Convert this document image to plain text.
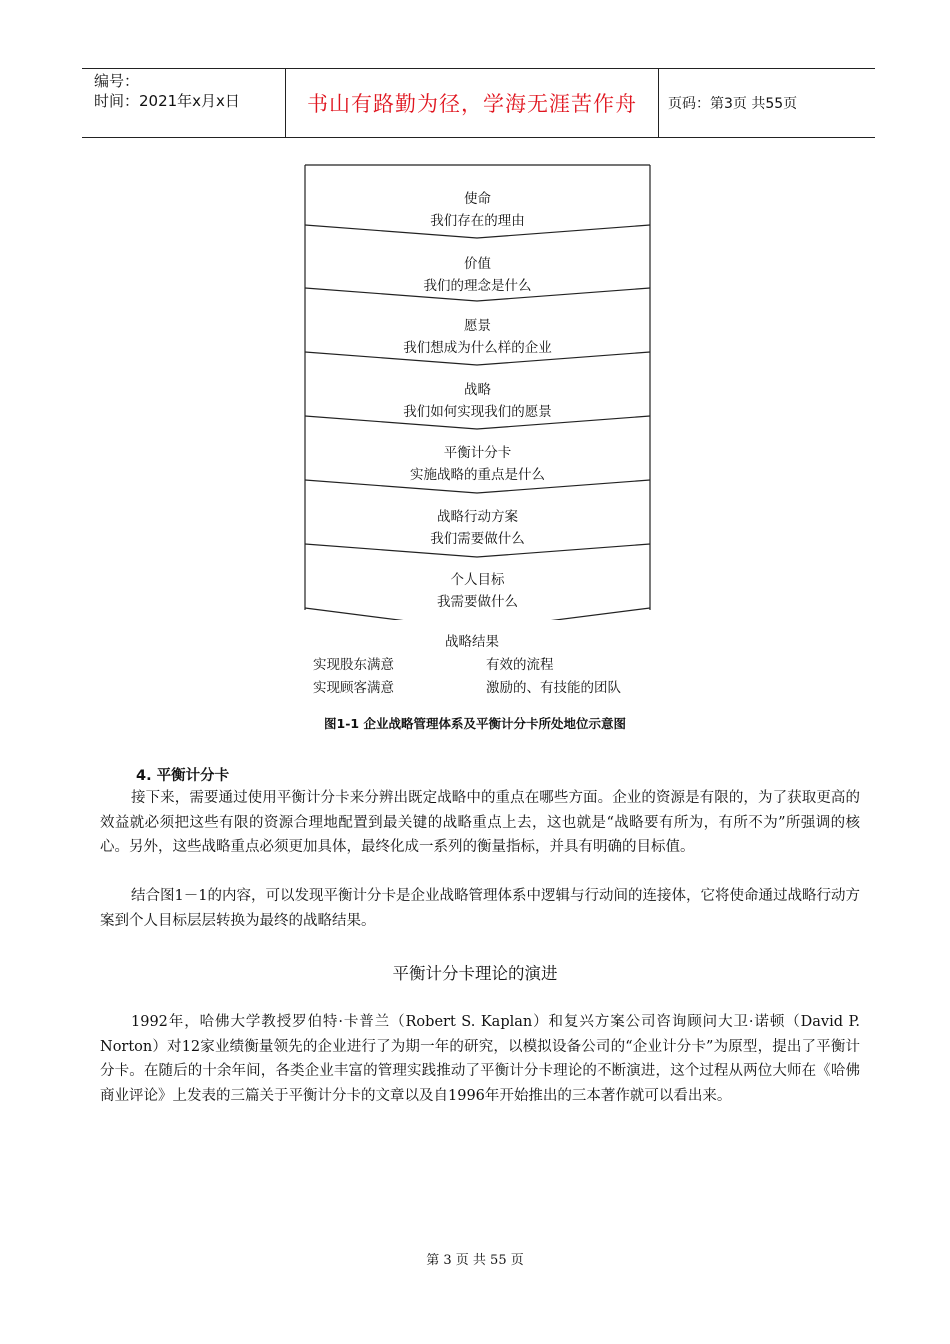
编号：
时间：2021年x月x日	书山有路勤为径，学海无涯苦作舟	页码：第3页 共55页
使命
我们存在的理由
价值
我们的理念是什么
愿景
我们想成为什么样的企业
战略
我们如何实现我们的愿景
平衡计分卡
实施战略的重点是什么
战略行动方案
我们需要做什么
个人目标
我需要做什么
战略结果
实现股东满意	有效的流程
实现顾客满意	激励的、有技能的团队
图1-1 企业战略管理体系及平衡计分卡所处地位示意图
4. 平衡计分卡

接下来，需要通过使用平衡计分卡来分辨出既定战略中的重点在哪些方面。企业的资源是有限的，为了获取更高的效益就必须把这些有限的资源合理地配置到最关键的战略重点上去，这也就是“战略要有所为，有所不为”所强调的核心。另外，这些战略重点必须更加具体，最终化成一系列的衡量指标，并具有明确的目标值。

结合图1－1的内容，可以发现平衡计分卡是企业战略管理体系中逻辑与行动间的连接体，它将使命通过战略行动方案到个人目标层层转换为最终的战略结果。

平衡计分卡理论的演进

1992年，哈佛大学教授罗伯特·卡普兰（Robert S. Kaplan）和复兴方案公司咨询顾问大卫·诺顿（David P. Norton）对12家业绩衡量领先的企业进行了为期一年的研究，以模拟设备公司的“企业计分卡”为原型，提出了平衡计分卡。在随后的十余年间，各类企业丰富的管理实践推动了平衡计分卡理论的不断演进，这个过程从两位大师在《哈佛商业评论》上发表的三篇关于平衡计分卡的文章以及自1996年开始推出的三本著作就可以看出来。

第 3 页 共 55 页
